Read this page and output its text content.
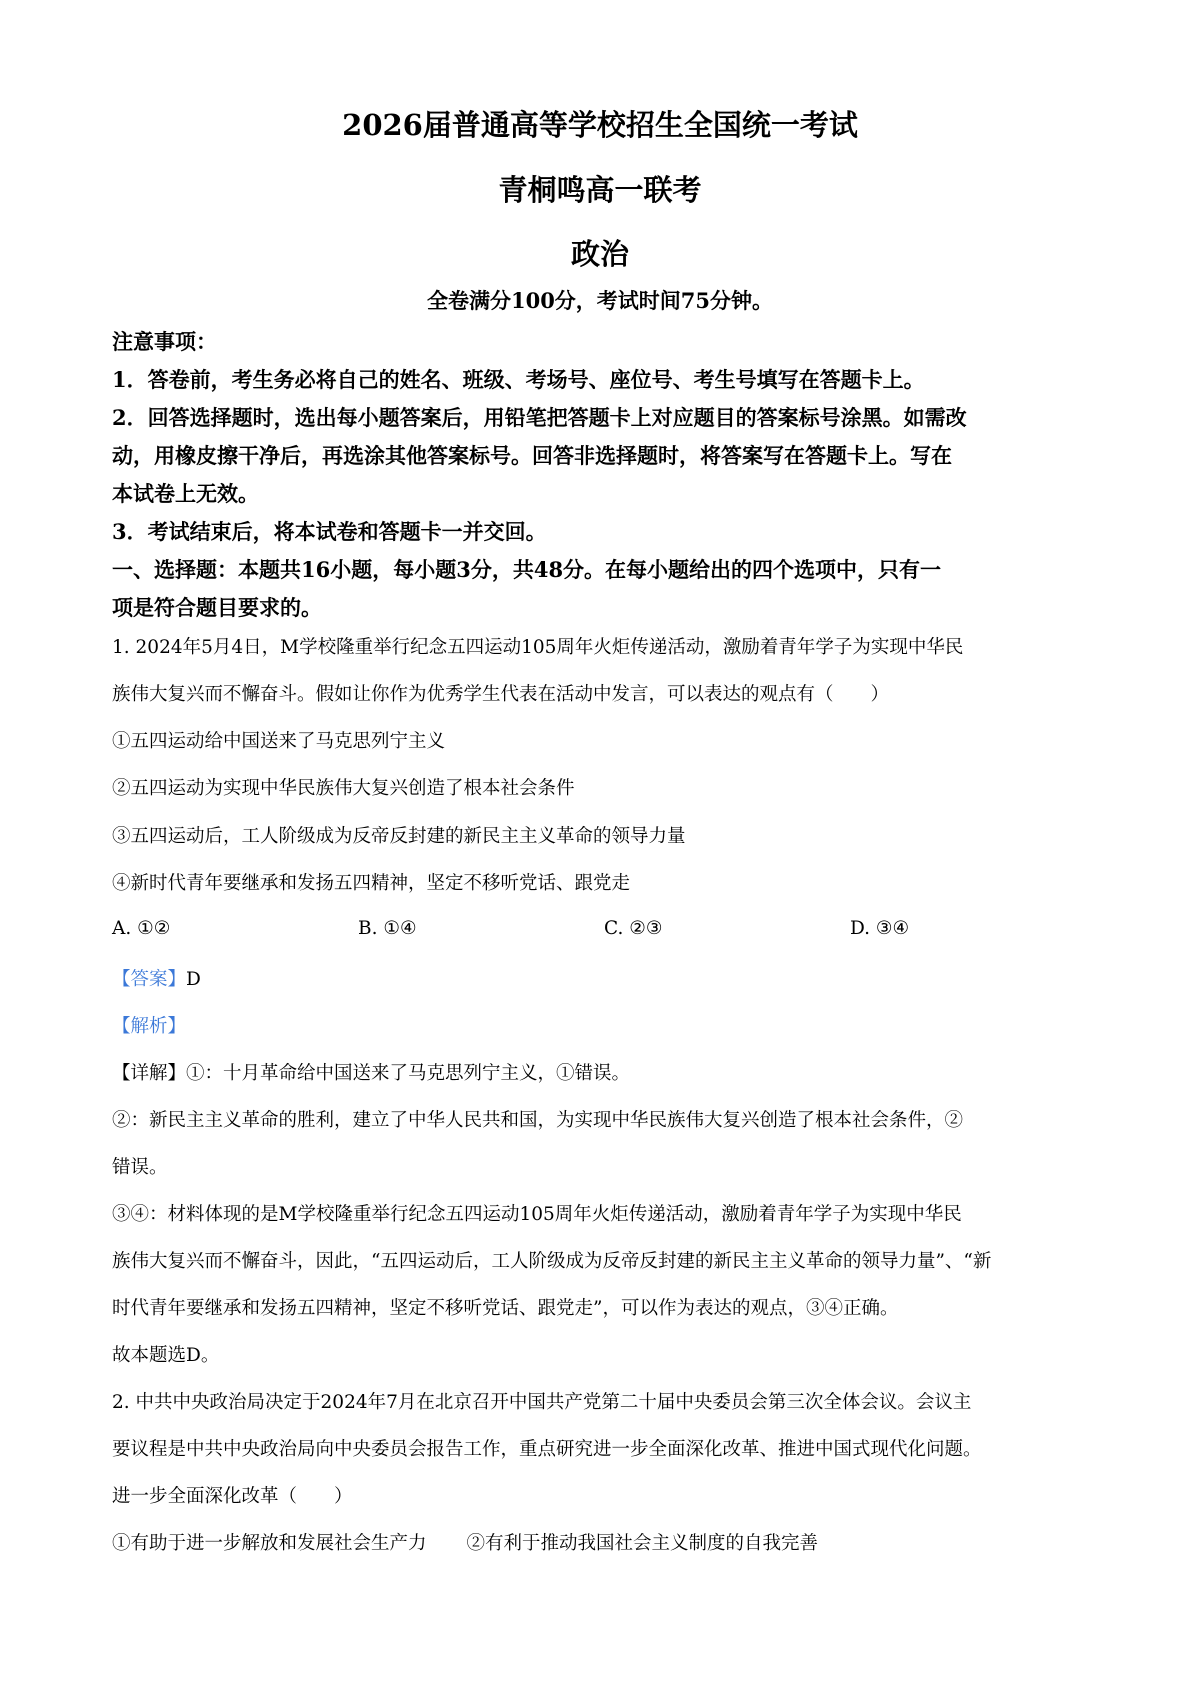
2026届普通高等学校招生全国统一考试
青桐鸣高一联考
政治
全卷满分100分，考试时间75分钟。
注意事项：
1．答卷前，考生务必将自己的姓名、班级、考场号、座位号、考生号填写在答题卡上。
2．回答选择题时，选出每小题答案后，用铅笔把答题卡上对应题目的答案标号涂黑。如需改
动，用橡皮擦干净后，再选涂其他答案标号。回答非选择题时，将答案写在答题卡上。写在
本试卷上无效。
3．考试结束后，将本试卷和答题卡一并交回。
一、选择题：本题共16小题，每小题3分，共48分。在每小题给出的四个选项中，只有一
项是符合题目要求的。
1. 2024年5月4日，M学校隆重举行纪念五四运动105周年火炬传递活动，激励着青年学子为实现中华民
族伟大复兴而不懈奋斗。假如让你作为优秀学生代表在活动中发言，可以表达的观点有（　　）
①五四运动给中国送来了马克思列宁主义
②五四运动为实现中华民族伟大复兴创造了根本社会条件
③五四运动后，工人阶级成为反帝反封建的新民主主义革命的领导力量
④新时代青年要继承和发扬五四精神，坚定不移听党话、跟党走
A. ①②	B. ①④	C. ②③	D. ③④
【答案】D
【解析】
【详解】①：十月革命给中国送来了马克思列宁主义，①错误。
②：新民主主义革命的胜利，建立了中华人民共和国，为实现中华民族伟大复兴创造了根本社会条件，②
错误。
③④：材料体现的是M学校隆重举行纪念五四运动105周年火炬传递活动，激励着青年学子为实现中华民
族伟大复兴而不懈奋斗，因此，“五四运动后，工人阶级成为反帝反封建的新民主主义革命的领导力量”、“新
时代青年要继承和发扬五四精神，坚定不移听党话、跟党走”，可以作为表达的观点，③④正确。
故本题选D。
2. 中共中央政治局决定于2024年7月在北京召开中国共产党第二十届中央委员会第三次全体会议。会议主
要议程是中共中央政治局向中央委员会报告工作，重点研究进一步全面深化改革、推进中国式现代化问题。
进一步全面深化改革（　　）
①有助于进一步解放和发展社会生产力 ②有利于推动我国社会主义制度的自我完善
